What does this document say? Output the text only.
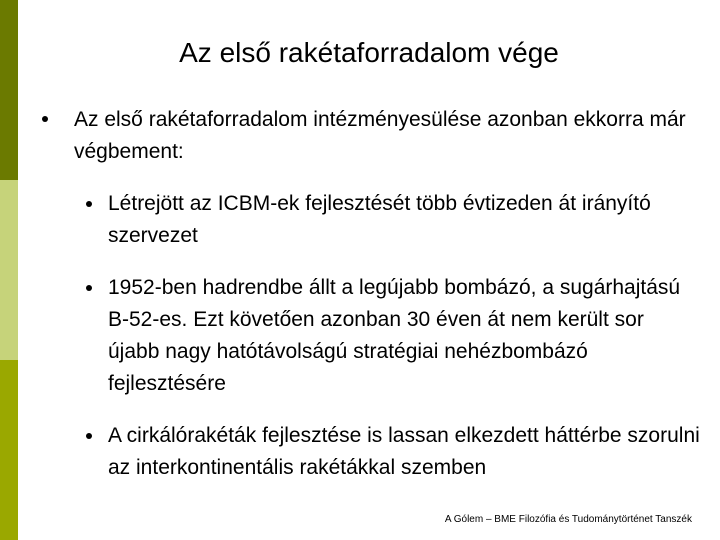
Az első rakétaforradalom vége
Az első rakétaforradalom intézményesülése azonban ekkorra már végbement:
Létrejött az ICBM-ek fejlesztését több évtizeden át irányító szervezet
1952-ben hadrendbe állt a legújabb bombázó, a sugárhajtású B-52-es. Ezt követően azonban 30 éven át nem került sor újabb nagy hatótávolságú stratégiai nehézbombázó fejlesztésére
A cirkálórakéták fejlesztése is lassan elkezdett háttérbe szorulni az interkontinentális rakétákkal szemben
A Gólem – BME Filozófia és Tudománytörténet Tanszék
